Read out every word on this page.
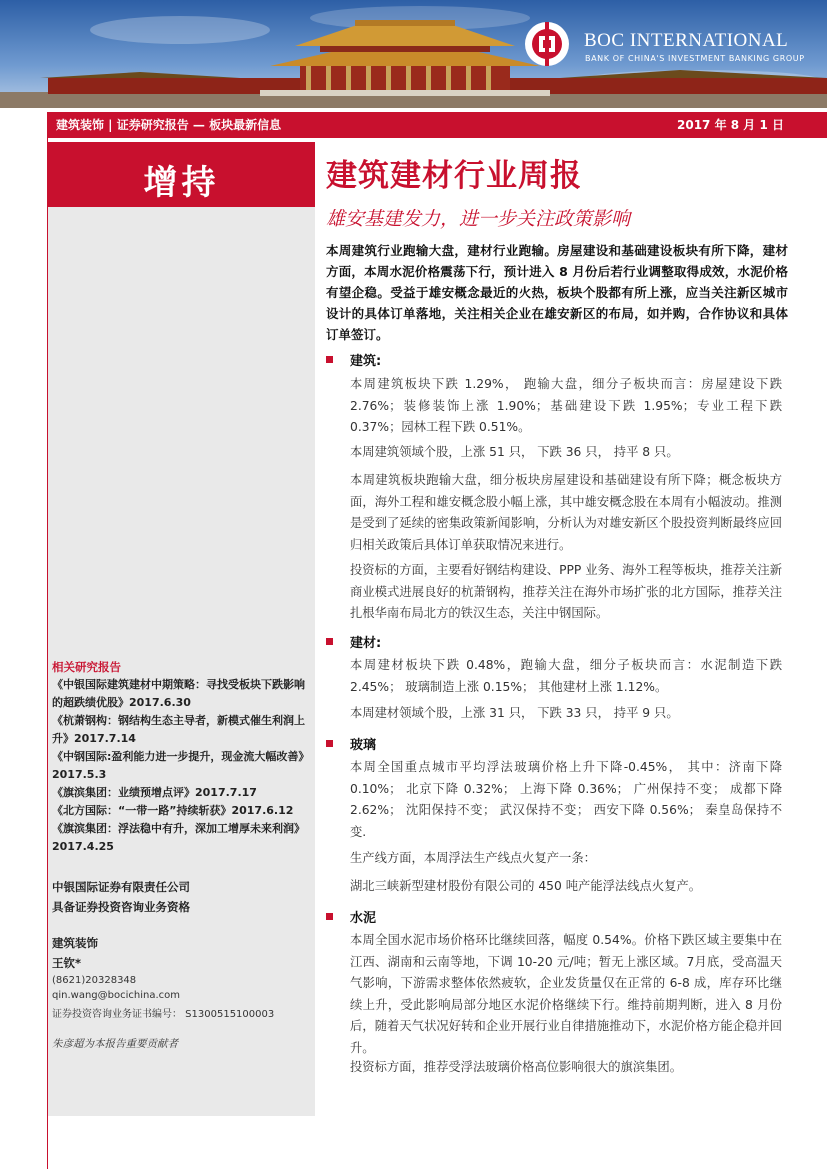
BOC INTERNATIONAL
BANK OF CHINA'S INVESTMENT BANKING GROUP
建筑装饰 | 证券研究报告 — 板块最新信息	2017 年 8 月 1 日
增持	建筑建材行业周报
雄安基建发力，进一步关注政策影响
本周建筑行业跑输大盘，建材行业跑输。房屋建设和基础建设板块有所下降，建材方面，本周水泥价格震荡下行，预计进入 8 月份后若行业调整取得成效，水泥价格有望企稳。受益于雄安概念最近的火热，板块个股都有所上涨，应当关注新区城市设计的具体订单落地，关注相关企业在雄安新区的布局，如并购，合作协议和具体订单签订。
建筑:
本周建筑板块下跌 1.29%， 跑输大盘，细分子板块而言：房屋建设下跌 2.76%；装修装饰上涨 1.90%；基础建设下跌 1.95%；专业工程下跌 0.37%；园林工程下跌 0.51%。
本周建筑领域个股，上涨 51 只， 下跌 36 只， 持平 8 只。
本周建筑板块跑输大盘，细分板块房屋建设和基础建设有所下降；概念板块方面，海外工程和雄安概念股小幅上涨，其中雄安概念股在本周有小幅波动。推测是受到了延续的密集政策新闻影响，分析认为对雄安新区个股投资判断最终应回归相关政策后具体订单获取情况来进行。
投资标的方面，主要看好钢结构建设、PPP 业务、海外工程等板块，推荐关注新商业模式进展良好的杭萧钢构，推荐关注在海外市场扩张的北方国际，推荐关注扎根华南布局北方的铁汉生态，关注中钢国际。
建材:
本周建材板块下跌 0.48%，跑输大盘，细分子板块而言：水泥制造下跌 2.45%； 玻璃制造上涨 0.15%； 其他建材上涨 1.12%。
本周建材领域个股，上涨 31 只， 下跌 33 只， 持平 9 只。
玻璃
本周全国重点城市平均浮法玻璃价格上升下降-0.45%， 其中：济南下降 0.10%； 北京下降 0.32%； 上海下降 0.36%； 广州保持不变； 成都下降 2.62%； 沈阳保持不变； 武汉保持不变； 西安下降 0.56%； 秦皇岛保持不变.
生产线方面，本周浮法生产线点火复产一条：
湖北三峡新型建材股份有限公司的 450 吨产能浮法线点火复产。
水泥
本周全国水泥市场价格环比继续回落，幅度 0.54%。价格下跌区域主要集中在江西、湖南和云南等地，下调 10-20 元/吨；暂无上涨区域。7月底，受高温天气影响，下游需求整体依然疲软，企业发货量仅在正常的 6-8 成，库存环比继续上升，受此影响局部分地区水泥价格继续下行。维持前期判断，进入 8 月份后，随着天气状况好转和企业开展行业自律措施推动下，水泥价格方能企稳并回升。
投资标方面，推荐受浮法玻璃价格高位影响很大的旗滨集团。
相关研究报告
《中银国际建筑建材中期策略：寻找受板块下跌影响的超跌绩优股》2017.6.30
《杭萧钢构：钢结构生态主导者，新模式催生利润上升》2017.7.14
《中钢国际:盈利能力进一步提升，现金流大幅改善》2017.5.3
《旗滨集团：业绩预增点评》2017.7.17
《北方国际：“一带一路”持续斩获》2017.6.12
《旗滨集团：浮法稳中有升，深加工增厚未来利润》2017.4.25
中银国际证券有限责任公司
具备证券投资咨询业务资格
建筑装饰
王钦*
(8621)20328348
qin.wang@bocichina.com
证券投资咨询业务证书编号： S1300515100003
朱彦超为本报告重要贡献者
